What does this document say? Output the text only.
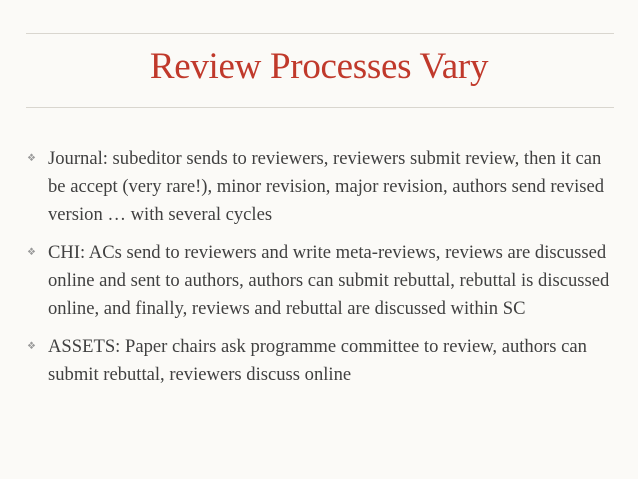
Review Processes Vary
❖ Journal: subeditor sends to reviewers, reviewers submit review, then it can be accept (very rare!), minor revision, major revision, authors send revised version … with several cycles
❖ CHI: ACs send to reviewers and write meta-reviews, reviews are discussed online and sent to authors, authors can submit rebuttal, rebuttal is discussed online, and finally, reviews and rebuttal are discussed within SC
❖ ASSETS: Paper chairs ask programme committee to review, authors can submit rebuttal, reviewers discuss online
